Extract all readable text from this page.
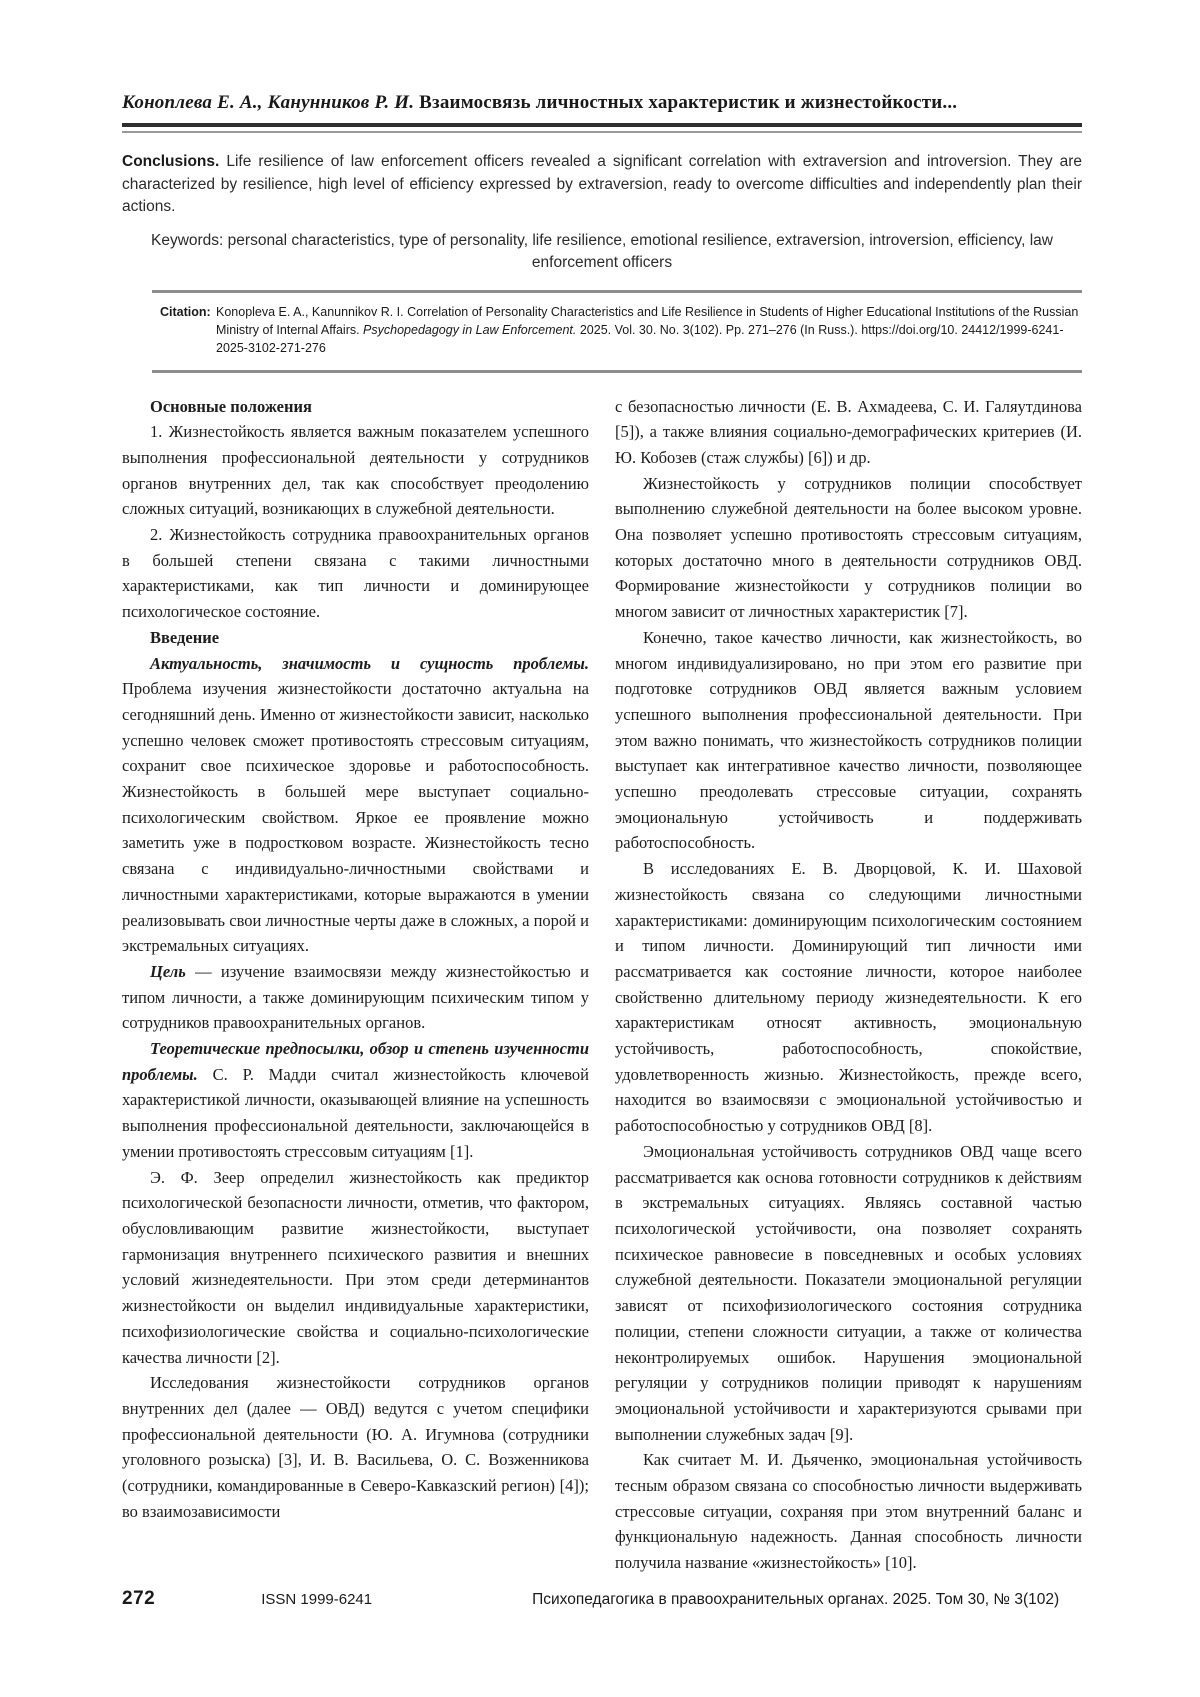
Коноплева Е. А., Канунников Р. И. Взаимосвязь личностных характеристик и жизнестойкости...
Conclusions. Life resilience of law enforcement officers revealed a significant correlation with extraversion and introversion. They are characterized by resilience, high level of efficiency expressed by extraversion, ready to overcome difficulties and independently plan their actions.
Keywords: personal characteristics, type of personality, life resilience, emotional resilience, extraversion, introversion, efficiency, law enforcement officers
Citation: Konopleva E. A., Kanunnikov R. I. Correlation of Personality Characteristics and Life Resilience in Students of Higher Educational Institutions of the Russian Ministry of Internal Affairs. Psychopedagogy in Law Enforcement. 2025. Vol. 30. No. 3(102). Pp. 271–276 (In Russ.). https://doi.org/10. 24412/1999-6241-2025-3102-271-276

Основные положения

1. Жизнестойкость является важным показателем успешного выполнения профессиональной деятельности у сотрудников органов внутренних дел, так как способствует преодолению сложных ситуаций, возникающих в служебной деятельности.

2. Жизнестойкость сотрудника правоохранительных органов в большей степени связана с такими личностными характеристиками, как тип личности и доминирующее психологическое состояние.

Введение

Актуальность, значимость и сущность проблемы. Проблема изучения жизнестойкости достаточно актуальна на сегодняшний день. Именно от жизнестойкости зависит, насколько успешно человек сможет противостоять стрессовым ситуациям, сохранит свое психическое здоровье и работоспособность. Жизнестойкость в большей мере выступает социально-психологическим свойством. Яркое ее проявление можно заметить уже в подростковом возрасте. Жизнестойкость тесно связана с индивидуально-личностными свойствами и личностными характеристиками, которые выражаются в умении реализовывать свои личностные черты даже в сложных, а порой и экстремальных ситуациях.

Цель — изучение взаимосвязи между жизнестойкостью и типом личности, а также доминирующим психическим типом у сотрудников правоохранительных органов.

Теоретические предпосылки, обзор и степень изученности проблемы. С. Р. Мадди считал жизнестойкость ключевой характеристикой личности, оказывающей влияние на успешность выполнения профессиональной деятельности, заключающейся в умении противостоять стрессовым ситуациям [1].

Э. Ф. Зеер определил жизнестойкость как предиктор психологической безопасности личности, отметив, что фактором, обусловливающим развитие жизнестойкости, выступает гармонизация внутреннего психического развития и внешних условий жизнедеятельности. При этом среди детерминантов жизнестойкости он выделил индивидуальные характеристики, психофизиологические свойства и социально-психологические качества личности [2].

Исследования жизнестойкости сотрудников органов внутренних дел (далее — ОВД) ведутся с учетом специфики профессиональной деятельности (Ю. А. Игумнова (сотрудники уголовного розыска) [3], И. В. Васильева, О. С. Возженникова (сотрудники, командированные в Северо-Кавказский регион) [4]); во взаимозависимости

с безопасностью личности (Е. В. Ахмадеева, С. И. Галяутдинова [5]), а также влияния социально-демографических критериев (И. Ю. Кобозев (стаж службы) [6]) и др.

Жизнестойкость у сотрудников полиции способствует выполнению служебной деятельности на более высоком уровне. Она позволяет успешно противостоять стрессовым ситуациям, которых достаточно много в деятельности сотрудников ОВД. Формирование жизнестойкости у сотрудников полиции во многом зависит от личностных характеристик [7].

Конечно, такое качество личности, как жизнестойкость, во многом индивидуализировано, но при этом его развитие при подготовке сотрудников ОВД является важным условием успешного выполнения профессиональной деятельности. При этом важно понимать, что жизнестойкость сотрудников полиции выступает как интегративное качество личности, позволяющее успешно преодолевать стрессовые ситуации, сохранять эмоциональную устойчивость и поддерживать работоспособность.

В исследованиях Е. В. Дворцовой, К. И. Шаховой жизнестойкость связана со следующими личностными характеристиками: доминирующим психологическим состоянием и типом личности. Доминирующий тип личности ими рассматривается как состояние личности, которое наиболее свойственно длительному периоду жизнедеятельности. К его характеристикам относят активность, эмоциональную устойчивость, работоспособность, спокойствие, удовлетворенность жизнью. Жизнестойкость, прежде всего, находится во взаимосвязи с эмоциональной устойчивостью и работоспособностью у сотрудников ОВД [8].

Эмоциональная устойчивость сотрудников ОВД чаще всего рассматривается как основа готовности сотрудников к действиям в экстремальных ситуациях. Являясь составной частью психологической устойчивости, она позволяет сохранять психическое равновесие в повседневных и особых условиях служебной деятельности. Показатели эмоциональной регуляции зависят от психофизиологического состояния сотрудника полиции, степени сложности ситуации, а также от количества неконтролируемых ошибок. Нарушения эмоциональной регуляции у сотрудников полиции приводят к нарушениям эмоциональной устойчивости и характеризуются срывами при выполнении служебных задач [9].

Как считает М. И. Дьяченко, эмоциональная устойчивость тесным образом связана со способностью личности выдерживать стрессовые ситуации, сохраняя при этом внутренний баланс и функциональную надежность. Данная способность личности получила название «жизнестойкость» [10].

272	ISSN 1999-6241	Психопедагогика в правоохранительных органах. 2025. Том 30, № 3(102)
